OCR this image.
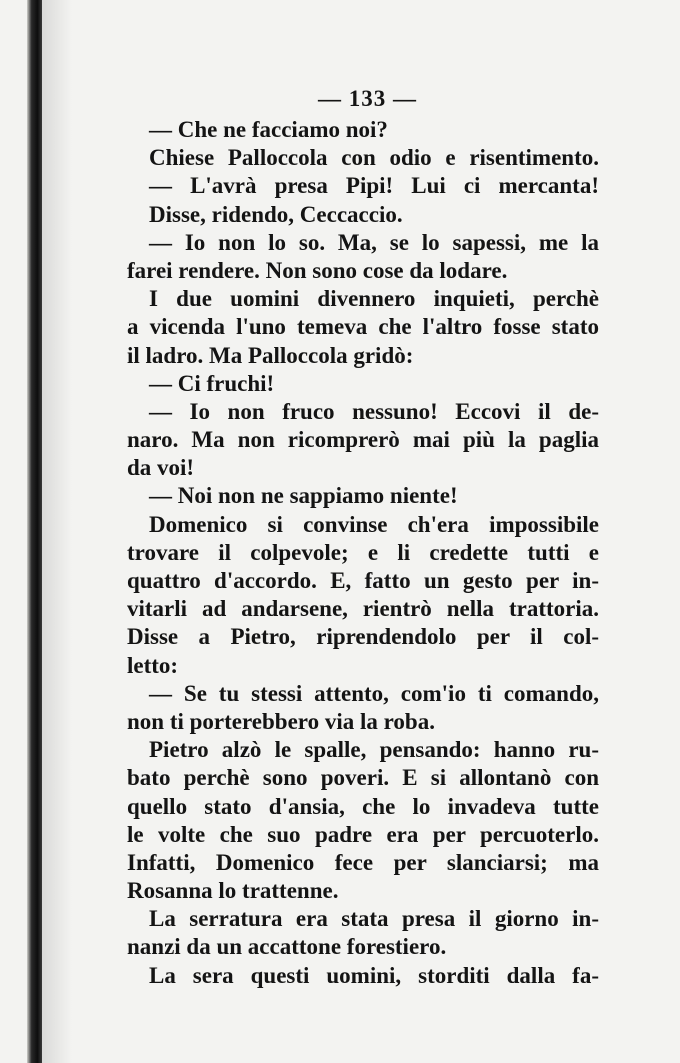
— 133 —
— Che ne facciamo noi?
Chiese Palloccola con odio e risentimento.
— L'avrà presa Pipi! Lui ci mercanta!
Disse, ridendo, Ceccaccio.
— Io non lo so. Ma, se lo sapessi, me la
farei rendere. Non sono cose da lodare.
I due uomini divennero inquieti, perchè
a vicenda l'uno temeva che l'altro fosse stato
il ladro. Ma Palloccola gridò:
— Ci fruchi!
— Io non fruco nessuno! Eccovi il de-
naro. Ma non ricomprerò mai più la paglia
da voi!
— Noi non ne sappiamo niente!
Domenico si convinse ch'era impossibile
trovare il colpevole; e li credette tutti e
quattro d'accordo. E, fatto un gesto per in-
vitarli ad andarsene, rientrò nella trattoria.
Disse a Pietro, riprendendolo per il col-
letto:
— Se tu stessi attento, com'io ti comando,
non ti porterebbero via la roba.
Pietro alzò le spalle, pensando: hanno ru-
bato perchè sono poveri. E si allontanò con
quello stato d'ansia, che lo invadeva tutte
le volte che suo padre era per percuoterlo.
Infatti, Domenico fece per slanciarsi; ma
Rosanna lo trattenne.
La serratura era stata presa il giorno in-
nanzi da un accattone forestiero.
La sera questi uomini, storditi dalla fa-
